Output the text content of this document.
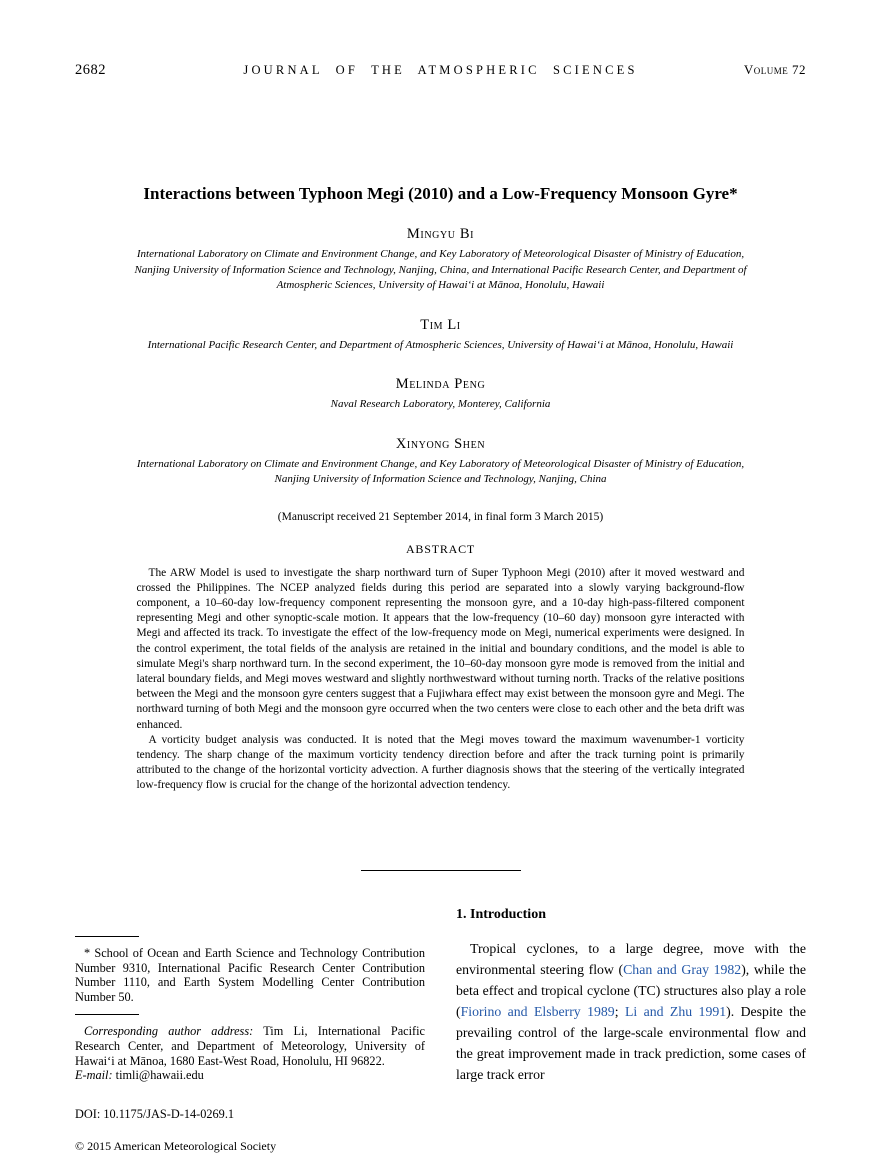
2682	JOURNAL OF THE ATMOSPHERIC SCIENCES	Volume 72
Interactions between Typhoon Megi (2010) and a Low-Frequency Monsoon Gyre*
Mingyu Bi
International Laboratory on Climate and Environment Change, and Key Laboratory of Meteorological Disaster of Ministry of Education, Nanjing University of Information Science and Technology, Nanjing, China, and International Pacific Research Center, and Department of Atmospheric Sciences, University of Hawaiʻi at Mānoa, Honolulu, Hawaii
Tim Li
International Pacific Research Center, and Department of Atmospheric Sciences, University of Hawaiʻi at Mānoa, Honolulu, Hawaii
Melinda Peng
Naval Research Laboratory, Monterey, California
Xinyong Shen
International Laboratory on Climate and Environment Change, and Key Laboratory of Meteorological Disaster of Ministry of Education, Nanjing University of Information Science and Technology, Nanjing, China
(Manuscript received 21 September 2014, in final form 3 March 2015)
ABSTRACT

The ARW Model is used to investigate the sharp northward turn of Super Typhoon Megi (2010) after it moved westward and crossed the Philippines. The NCEP analyzed fields during this period are separated into a slowly varying background-flow component, a 10–60-day low-frequency component representing the monsoon gyre, and a 10-day high-pass-filtered component representing Megi and other synoptic-scale motion. It appears that the low-frequency (10–60 day) monsoon gyre interacted with Megi and affected its track. To investigate the effect of the low-frequency mode on Megi, numerical experiments were designed. In the control experiment, the total fields of the analysis are retained in the initial and boundary conditions, and the model is able to simulate Megi's sharp northward turn. In the second experiment, the 10–60-day monsoon gyre mode is removed from the initial and lateral boundary fields, and Megi moves westward and slightly northwestward without turning north. Tracks of the relative positions between the Megi and the monsoon gyre centers suggest that a Fujiwhara effect may exist between the monsoon gyre and Megi. The northward turning of both Megi and the monsoon gyre occurred when the two centers were close to each other and the beta drift was enhanced.

A vorticity budget analysis was conducted. It is noted that the Megi moves toward the maximum wavenumber-1 vorticity tendency. The sharp change of the maximum vorticity tendency direction before and after the track turning point is primarily attributed to the change of the horizontal vorticity advection. A further diagnosis shows that the steering of the vertically integrated low-frequency flow is crucial for the change of the horizontal advection tendency.

* School of Ocean and Earth Science and Technology Contribution Number 9310, International Pacific Research Center Contribution Number 1110, and Earth System Modelling Center Contribution Number 50.

Corresponding author address: Tim Li, International Pacific Research Center, and Department of Meteorology, University of Hawaiʻi at Mānoa, 1680 East-West Road, Honolulu, HI 96822.
E-mail: timli@hawaii.edu

DOI: 10.1175/JAS-D-14-0269.1

© 2015 American Meteorological Society

1. Introduction

Tropical cyclones, to a large degree, move with the environmental steering flow (Chan and Gray 1982), while the beta effect and tropical cyclone (TC) structures also play a role (Fiorino and Elsberry 1989; Li and Zhu 1991). Despite the prevailing control of the large-scale environmental flow and the great improvement made in track prediction, some cases of large track error
